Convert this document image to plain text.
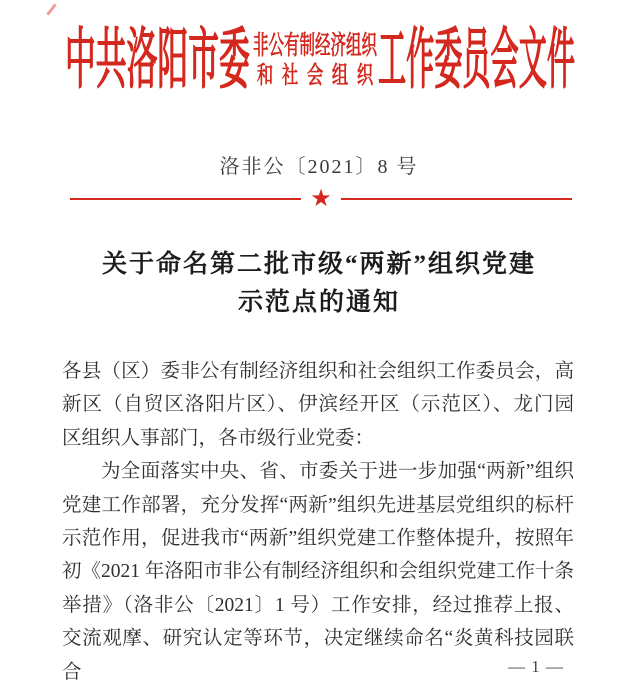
中共洛阳市委 非公有制经济组织
和 社 会 组 织 工作委员会文件
洛非公〔2021〕8 号
★
关于命名第二批市级“两新”组织党建
示范点的通知
各县（区）委非公有制经济组织和社会组织工作委员会，高
新区（自贸区洛阳片区）、伊滨经开区（示范区）、龙门园
区组织人事部门，各市级行业党委：
为全面落实中央、省、市委关于进一步加强“两新”组织
党建工作部署，充分发挥“两新”组织先进基层党组织的标杆
示范作用，促进我市“两新”组织党建工作整体提升，按照年
初《2021 年洛阳市非公有制经济组织和会组织党建工作十条
举措》（洛非公〔2021〕1 号）工作安排，经过推荐上报、
交流观摩、研究认定等环节，决定继续命名“炎黄科技园联合	— 1 —
